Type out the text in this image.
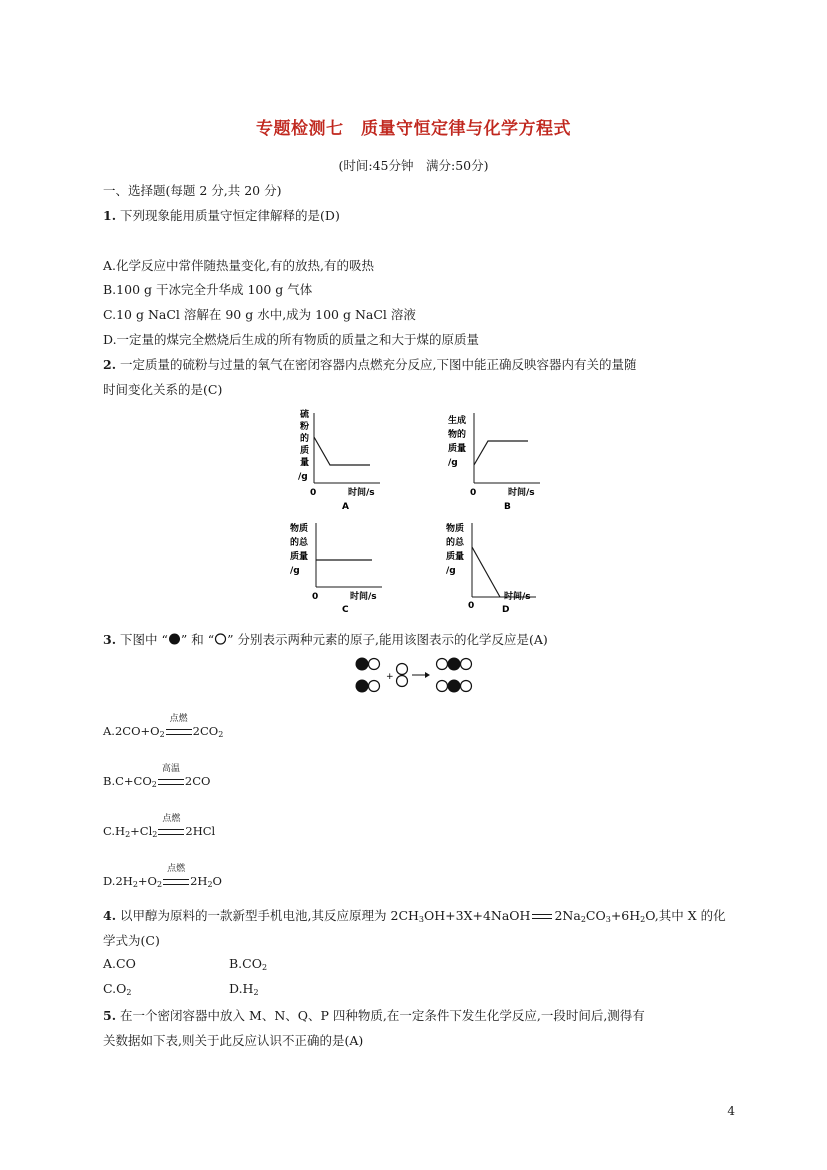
专题检测七　质量守恒定律与化学方程式
(时间:45分钟　满分:50分)
一、选择题(每题 2 分,共 20 分)
1. 下列现象能用质量守恒定律解释的是(D)
A.化学反应中常伴随热量变化,有的放热,有的吸热
B.100 g 干冰完全升华成 100 g 气体
C.10 g NaCl 溶解在 90 g 水中,成为 100 g NaCl 溶液
D.一定量的煤完全燃烧后生成的所有物质的质量之和大于煤的原质量
2. 一定质量的硫粉与过量的氧气在密闭容器内点燃充分反应,下图中能正确反映容器内有关的量随
时间变化关系的是(C)
硫
粉
的
质
量
/g
0	时间/s
A
生成
物的
质量
/g
0	时间/s
B
物质
的总
质量
/g
0	时间/s
C
物质
的总
质量
/g
0
时间/s
D
3. 下图中 “ ” 和 “ ” 分别表示两种元素的原子,能用该图表示的化学反应是(A)
+
$A.2CO+O_2$
点燃
$2CO_2$
$B.C+CO_2$
高温
2CO
$C.H_2+Cl_2$
点燃
2HCl
$D.2H_2+O_2$
点燃
$2H_2O$
4. 以甲醇为原料的一款新型手机电池,其反应原理为 $2CH_3OH+3X+4NaOH$ $2Na_2CO_3+6H_2O$,其中 X 的化
学式为(C)
A.CO	$B.CO_2$
$C.O_2$	$D.H_2$
5. 在一个密闭容器中放入 M、N、Q、P 四种物质,在一定条件下发生化学反应,一段时间后,测得有
关数据如下表,则关于此反应认识不正确的是(A)
4
